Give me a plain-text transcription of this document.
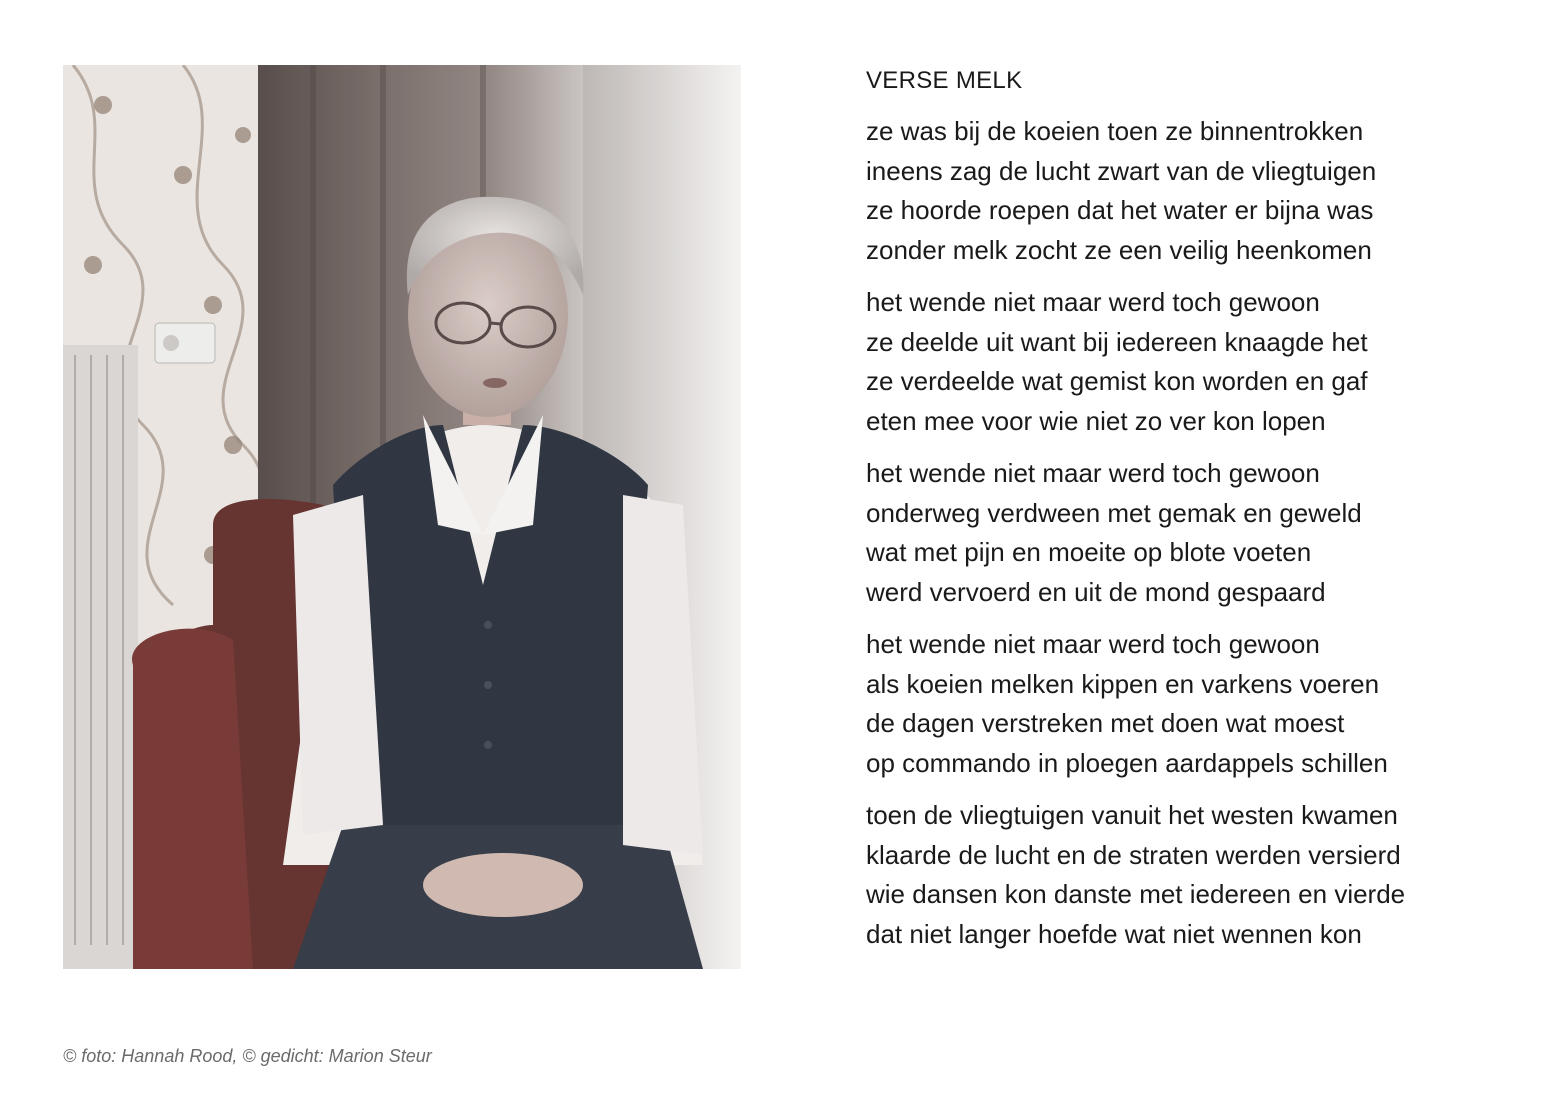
VERSE MELK
ze was bij de koeien toen ze binnentrokken
ineens zag de lucht zwart van de vliegtuigen
ze hoorde roepen dat het water er bijna was
zonder melk zocht ze een veilig heenkomen
het wende niet maar werd toch gewoon
ze deelde uit want bij iedereen knaagde het
ze verdeelde wat gemist kon worden en gaf
eten mee voor wie niet zo ver kon lopen
het wende niet maar werd toch gewoon
onderweg verdween met gemak en geweld
wat met pijn en moeite op blote voeten
werd vervoerd en uit de mond gespaard
het wende niet maar werd toch gewoon
als koeien melken kippen en varkens voeren
de dagen verstreken met doen wat moest
op commando in ploegen aardappels schillen
toen de vliegtuigen vanuit het westen kwamen
klaarde de lucht en de straten werden versierd
wie dansen kon danste met iedereen en vierde
dat niet langer hoefde wat niet wennen kon
© foto: Hannah Rood, © gedicht: Marion Steur
